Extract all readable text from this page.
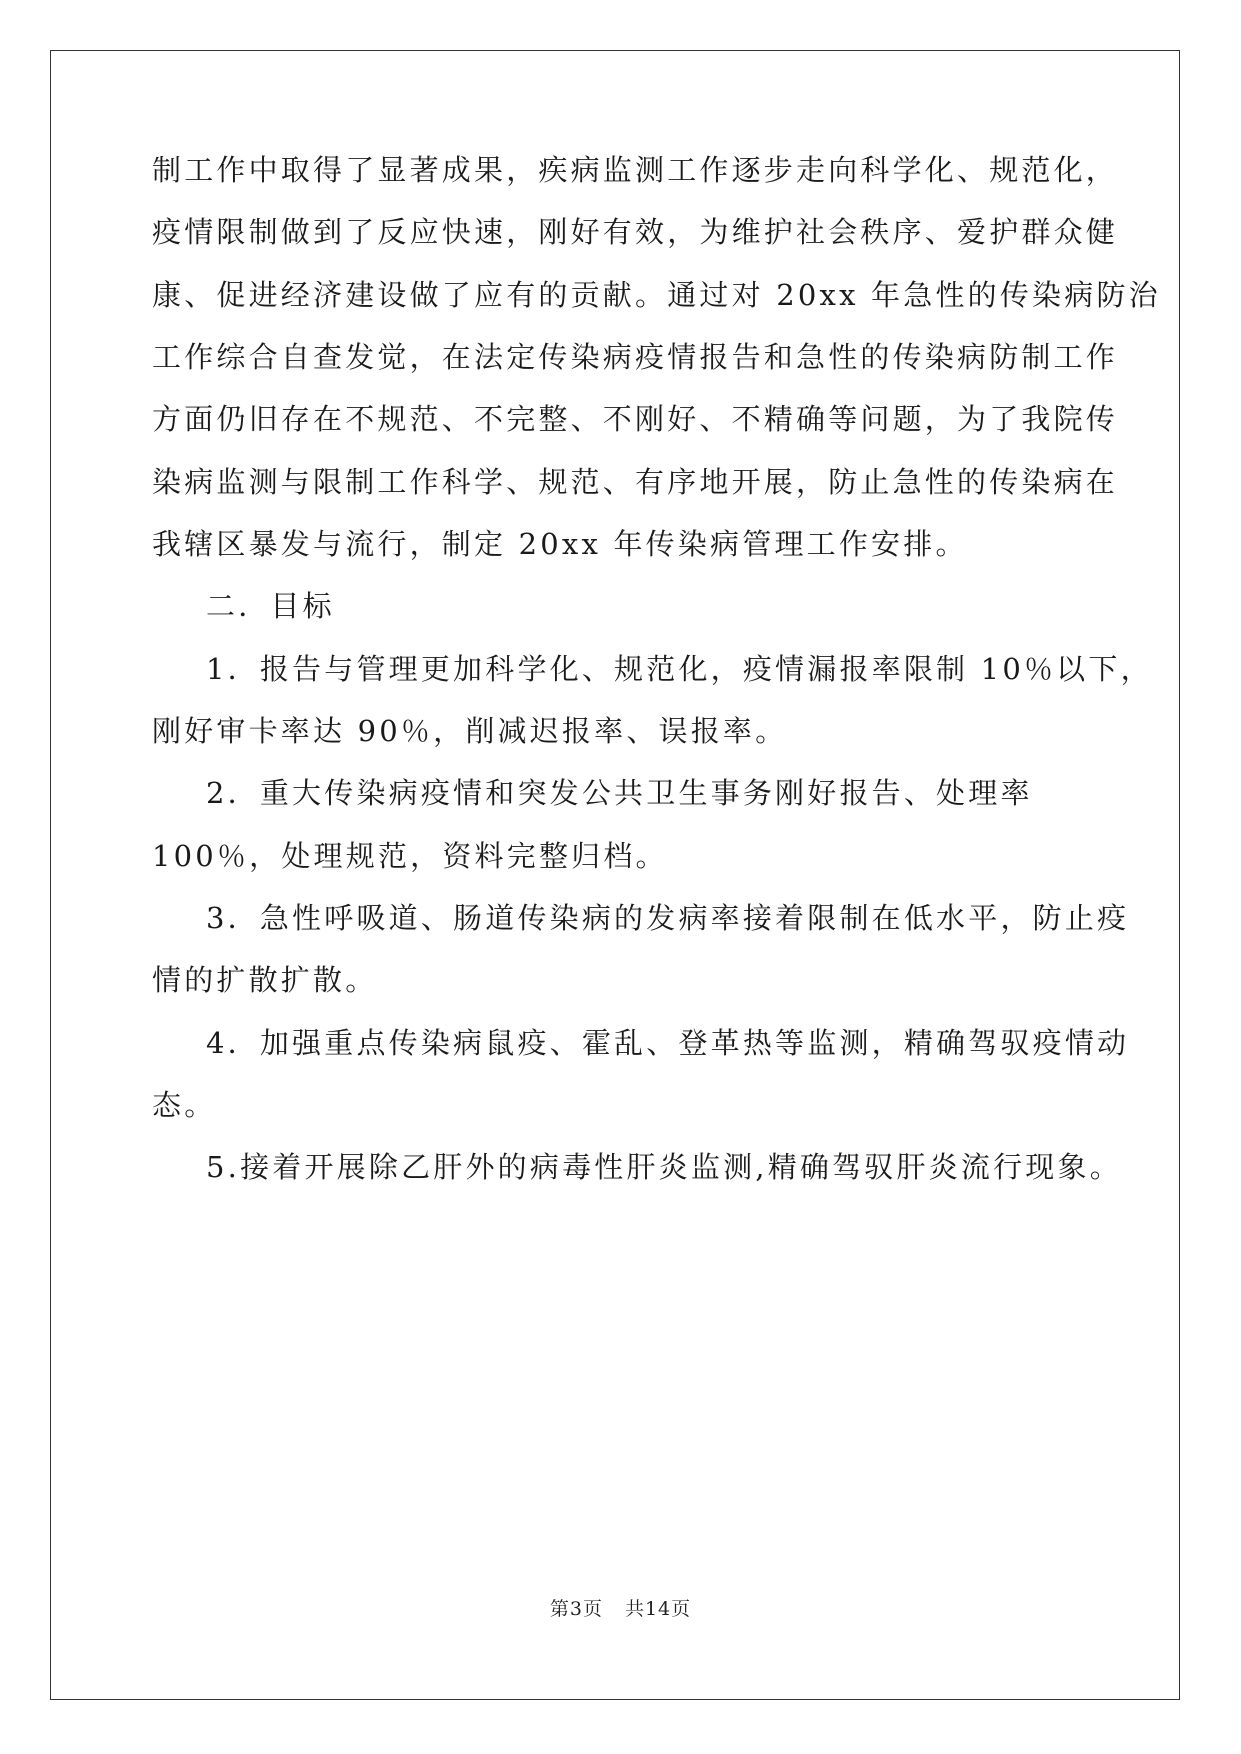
制工作中取得了显著成果，疾病监测工作逐步走向科学化、规范化，
疫情限制做到了反应快速，刚好有效，为维护社会秩序、爱护群众健
康、促进经济建设做了应有的贡献。通过对 20xx 年急性的传染病防治
工作综合自查发觉，在法定传染病疫情报告和急性的传染病防制工作
方面仍旧存在不规范、不完整、不刚好、不精确等问题，为了我院传
染病监测与限制工作科学、规范、有序地开展，防止急性的传染病在
我辖区暴发与流行，制定 20xx 年传染病管理工作安排。
二．目标
1．报告与管理更加科学化、规范化，疫情漏报率限制 10％以下，
刚好审卡率达 90％，削减迟报率、误报率。
2．重大传染病疫情和突发公共卫生事务刚好报告、处理率
100％，处理规范，资料完整归档。
3．急性呼吸道、肠道传染病的发病率接着限制在低水平，防止疫
情的扩散扩散。
4．加强重点传染病鼠疫、霍乱、登革热等监测，精确驾驭疫情动
态。
5.接着开展除乙肝外的病毒性肝炎监测,精确驾驭肝炎流行现象。
第3页 共14页
